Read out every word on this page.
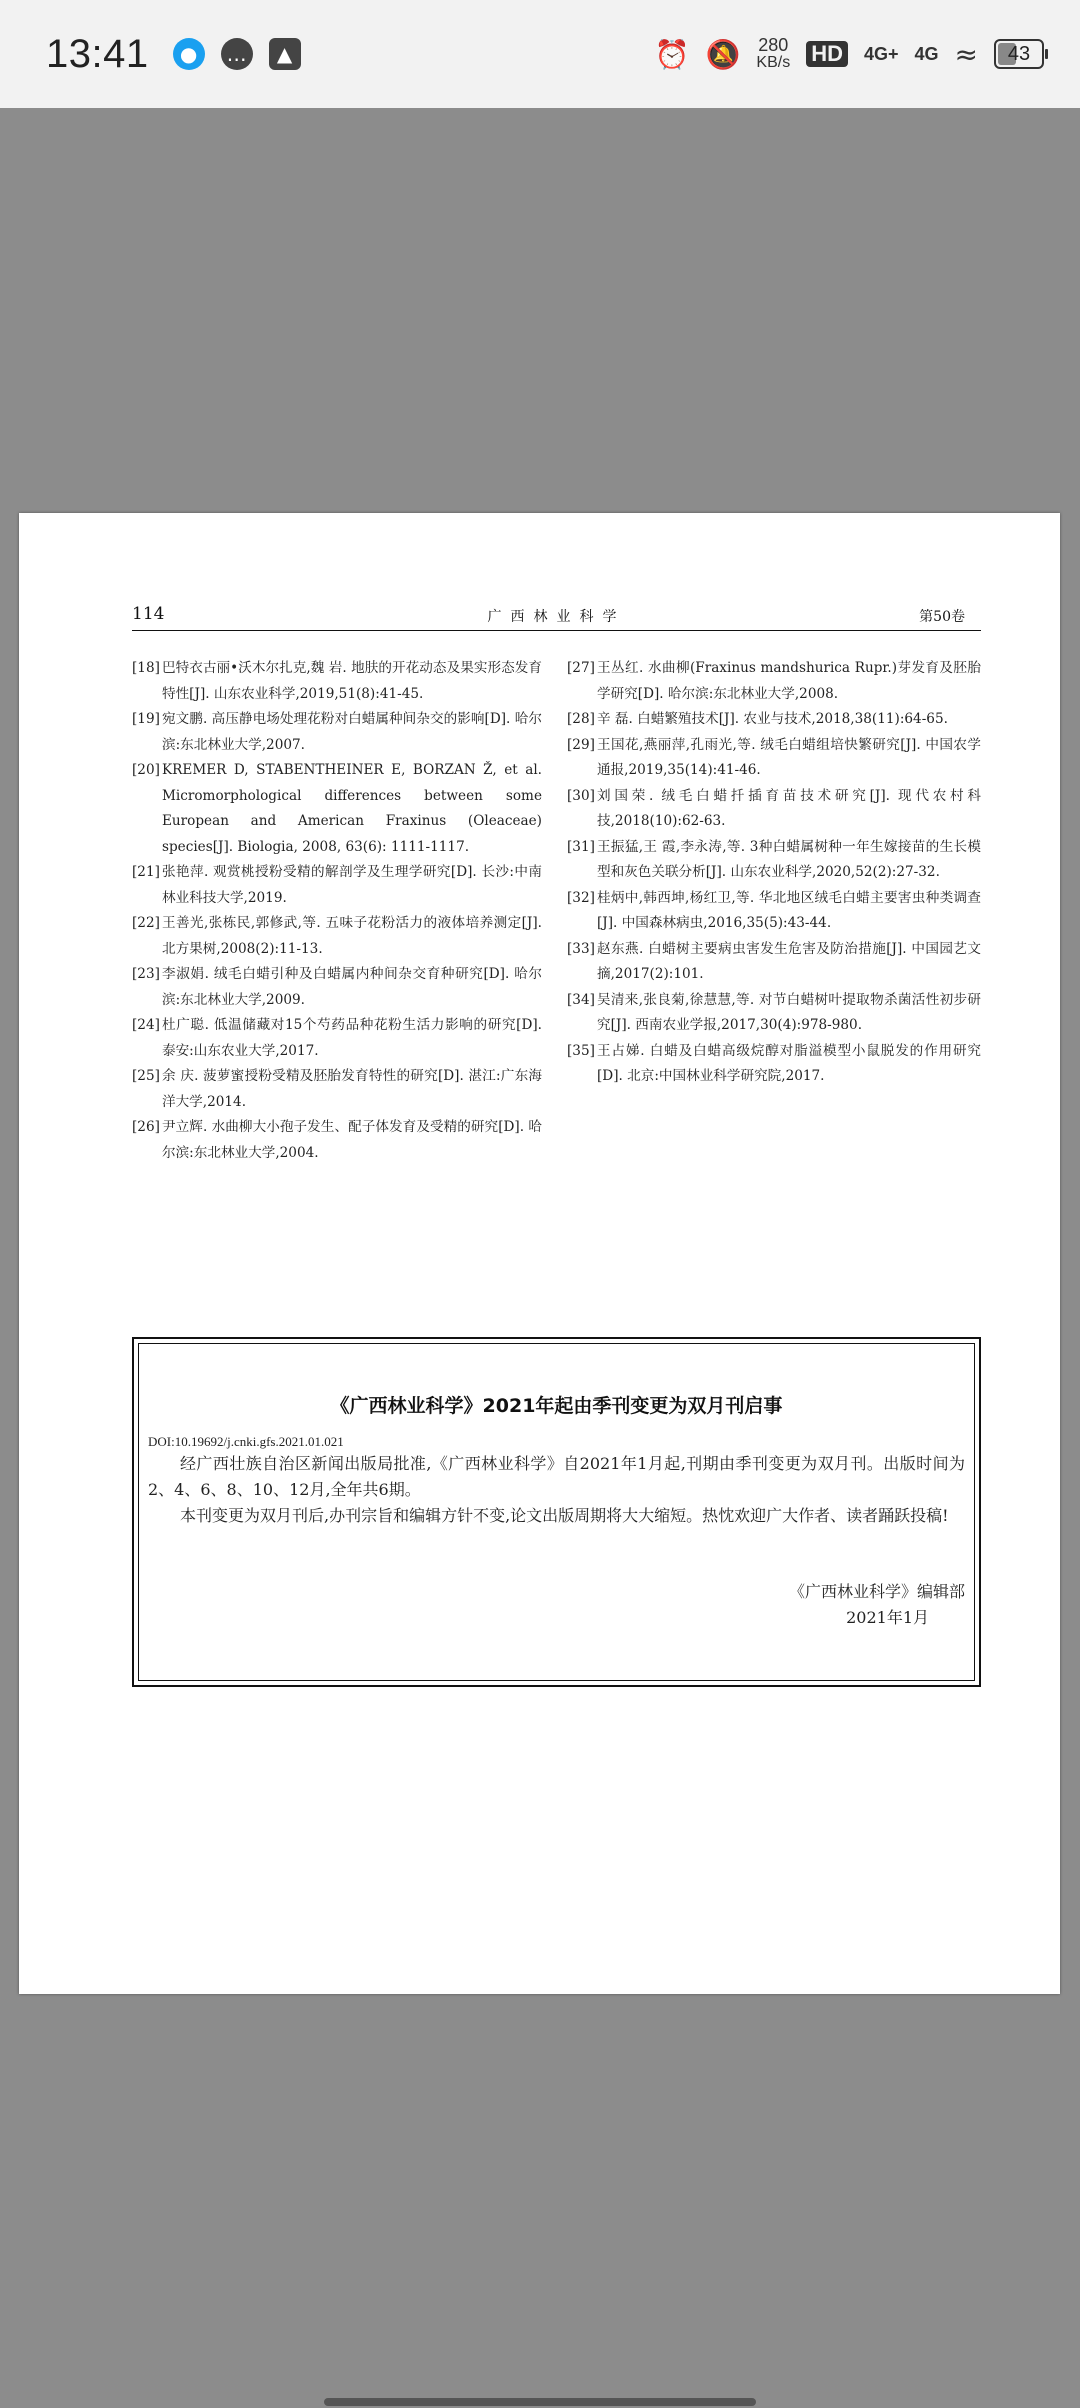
13:41	●	…	▲	⏰ 🔕 280
KB/s HD 4G+ 4G ≈ 43
114	广西林业科学	第50卷
[18] 巴特衣古丽•沃木尔扎克,魏 岩. 地肤的开花动态及果实形态发育特性[J]. 山东农业科学,2019,51(8):41-45.
[19] 宛文鹏. 高压静电场处理花粉对白蜡属种间杂交的影响[D]. 哈尔滨:东北林业大学,2007.
[20] KREMER D, STABENTHEINER E, BORZAN Ž, et al. Micromorphological differences between some European and American Fraxinus (Oleaceae) species[J]. Biologia, 2008, 63(6): 1111-1117.
[21] 张艳萍. 观赏桃授粉受精的解剖学及生理学研究[D]. 长沙:中南林业科技大学,2019.
[22] 王善光,张栋民,郭修武,等. 五味子花粉活力的液体培养测定[J]. 北方果树,2008(2):11-13.
[23] 李淑娟. 绒毛白蜡引种及白蜡属内种间杂交育种研究[D]. 哈尔滨:东北林业大学,2009.
[24] 杜广聪. 低温储藏对15个芍药品种花粉生活力影响的研究[D]. 泰安:山东农业大学,2017.
[25] 余 庆. 菠萝蜜授粉受精及胚胎发育特性的研究[D]. 湛江:广东海洋大学,2014.
[26] 尹立辉. 水曲柳大小孢子发生、配子体发育及受精的研究[D]. 哈尔滨:东北林业大学,2004.
[27] 王丛红. 水曲柳(Fraxinus mandshurica Rupr.)芽发育及胚胎学研究[D]. 哈尔滨:东北林业大学,2008.
[28] 辛 磊. 白蜡繁殖技术[J]. 农业与技术,2018,38(11):64-65.
[29] 王国花,燕丽萍,孔雨光,等. 绒毛白蜡组培快繁研究[J]. 中国农学通报,2019,35(14):41-46.
[30] 刘国荣. 绒毛白蜡扦插育苗技术研究[J]. 现代农村科技,2018(10):62-63.
[31] 王振猛,王 霞,李永涛,等. 3种白蜡属树种一年生嫁接苗的生长模型和灰色关联分析[J]. 山东农业科学,2020,52(2):27-32.
[32] 桂炳中,韩西坤,杨红卫,等. 华北地区绒毛白蜡主要害虫种类调查[J]. 中国森林病虫,2016,35(5):43-44.
[33] 赵东燕. 白蜡树主要病虫害发生危害及防治措施[J]. 中国园艺文摘,2017(2):101.
[34] 吴清来,张良菊,徐慧慧,等. 对节白蜡树叶提取物杀菌活性初步研究[J]. 西南农业学报,2017,30(4):978-980.
[35] 王占娣. 白蜡及白蜡高级烷醇对脂溢模型小鼠脱发的作用研究[D]. 北京:中国林业科学研究院,2017.
《广西林业科学》2021年起由季刊变更为双月刊启事
DOI:10.19692/j.cnki.gfs.2021.01.021

经广西壮族自治区新闻出版局批准,《广西林业科学》自2021年1月起,刊期由季刊变更为双月刊。出版时间为2、4、6、8、10、12月,全年共6期。

本刊变更为双月刊后,办刊宗旨和编辑方针不变,论文出版周期将大大缩短。热忱欢迎广大作者、读者踊跃投稿!

《广西林业科学》编辑部
2021年1月
